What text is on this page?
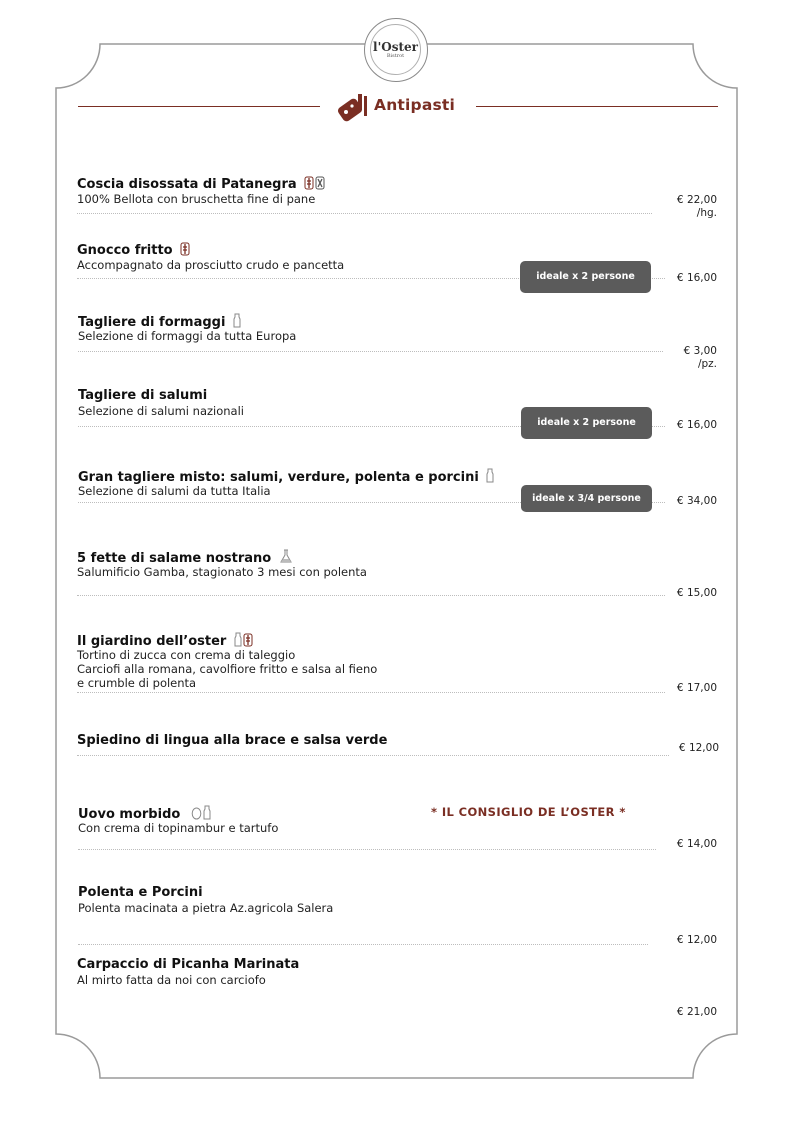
l'Oster
Bistrot
Antipasti
Coscia disossata di Patanegra
100% Bellota con bruschetta fine di pane	€ 22,00
/hg.
Gnocco fritto
Accompagnato da prosciutto crudo e pancetta
ideale x 2 persone	€ 16,00
Tagliere di formaggi
Selezione di formaggi da tutta Europa
€ 3,00
/pz.
Tagliere di salumi
Selezione di salumi nazionali
ideale x 2 persone	€ 16,00
Gran tagliere misto: salumi, verdure, polenta e porcini
Selezione di salumi da tutta Italia
ideale x 3/4 persone	€ 34,00
5 fette di salame nostrano
Salumificio Gamba, stagionato 3 mesi con polenta
€ 15,00
Il giardino dell’oster
Tortino di zucca con crema di taleggio
Carciofi alla romana, cavolfiore fritto e salsa al fieno
e crumble di polenta	€ 17,00
Spiedino di lingua alla brace e salsa verde	€ 12,00
Uovo morbido
Con crema di topinambur e tartufo
€ 14,00
* IL CONSIGLIO DE L’OSTER *
Polenta e Porcini
Polenta macinata a pietra Az.agricola Salera
€ 12,00
Carpaccio di Picanha Marinata
Al mirto fatta da noi con carciofo
€ 21,00
